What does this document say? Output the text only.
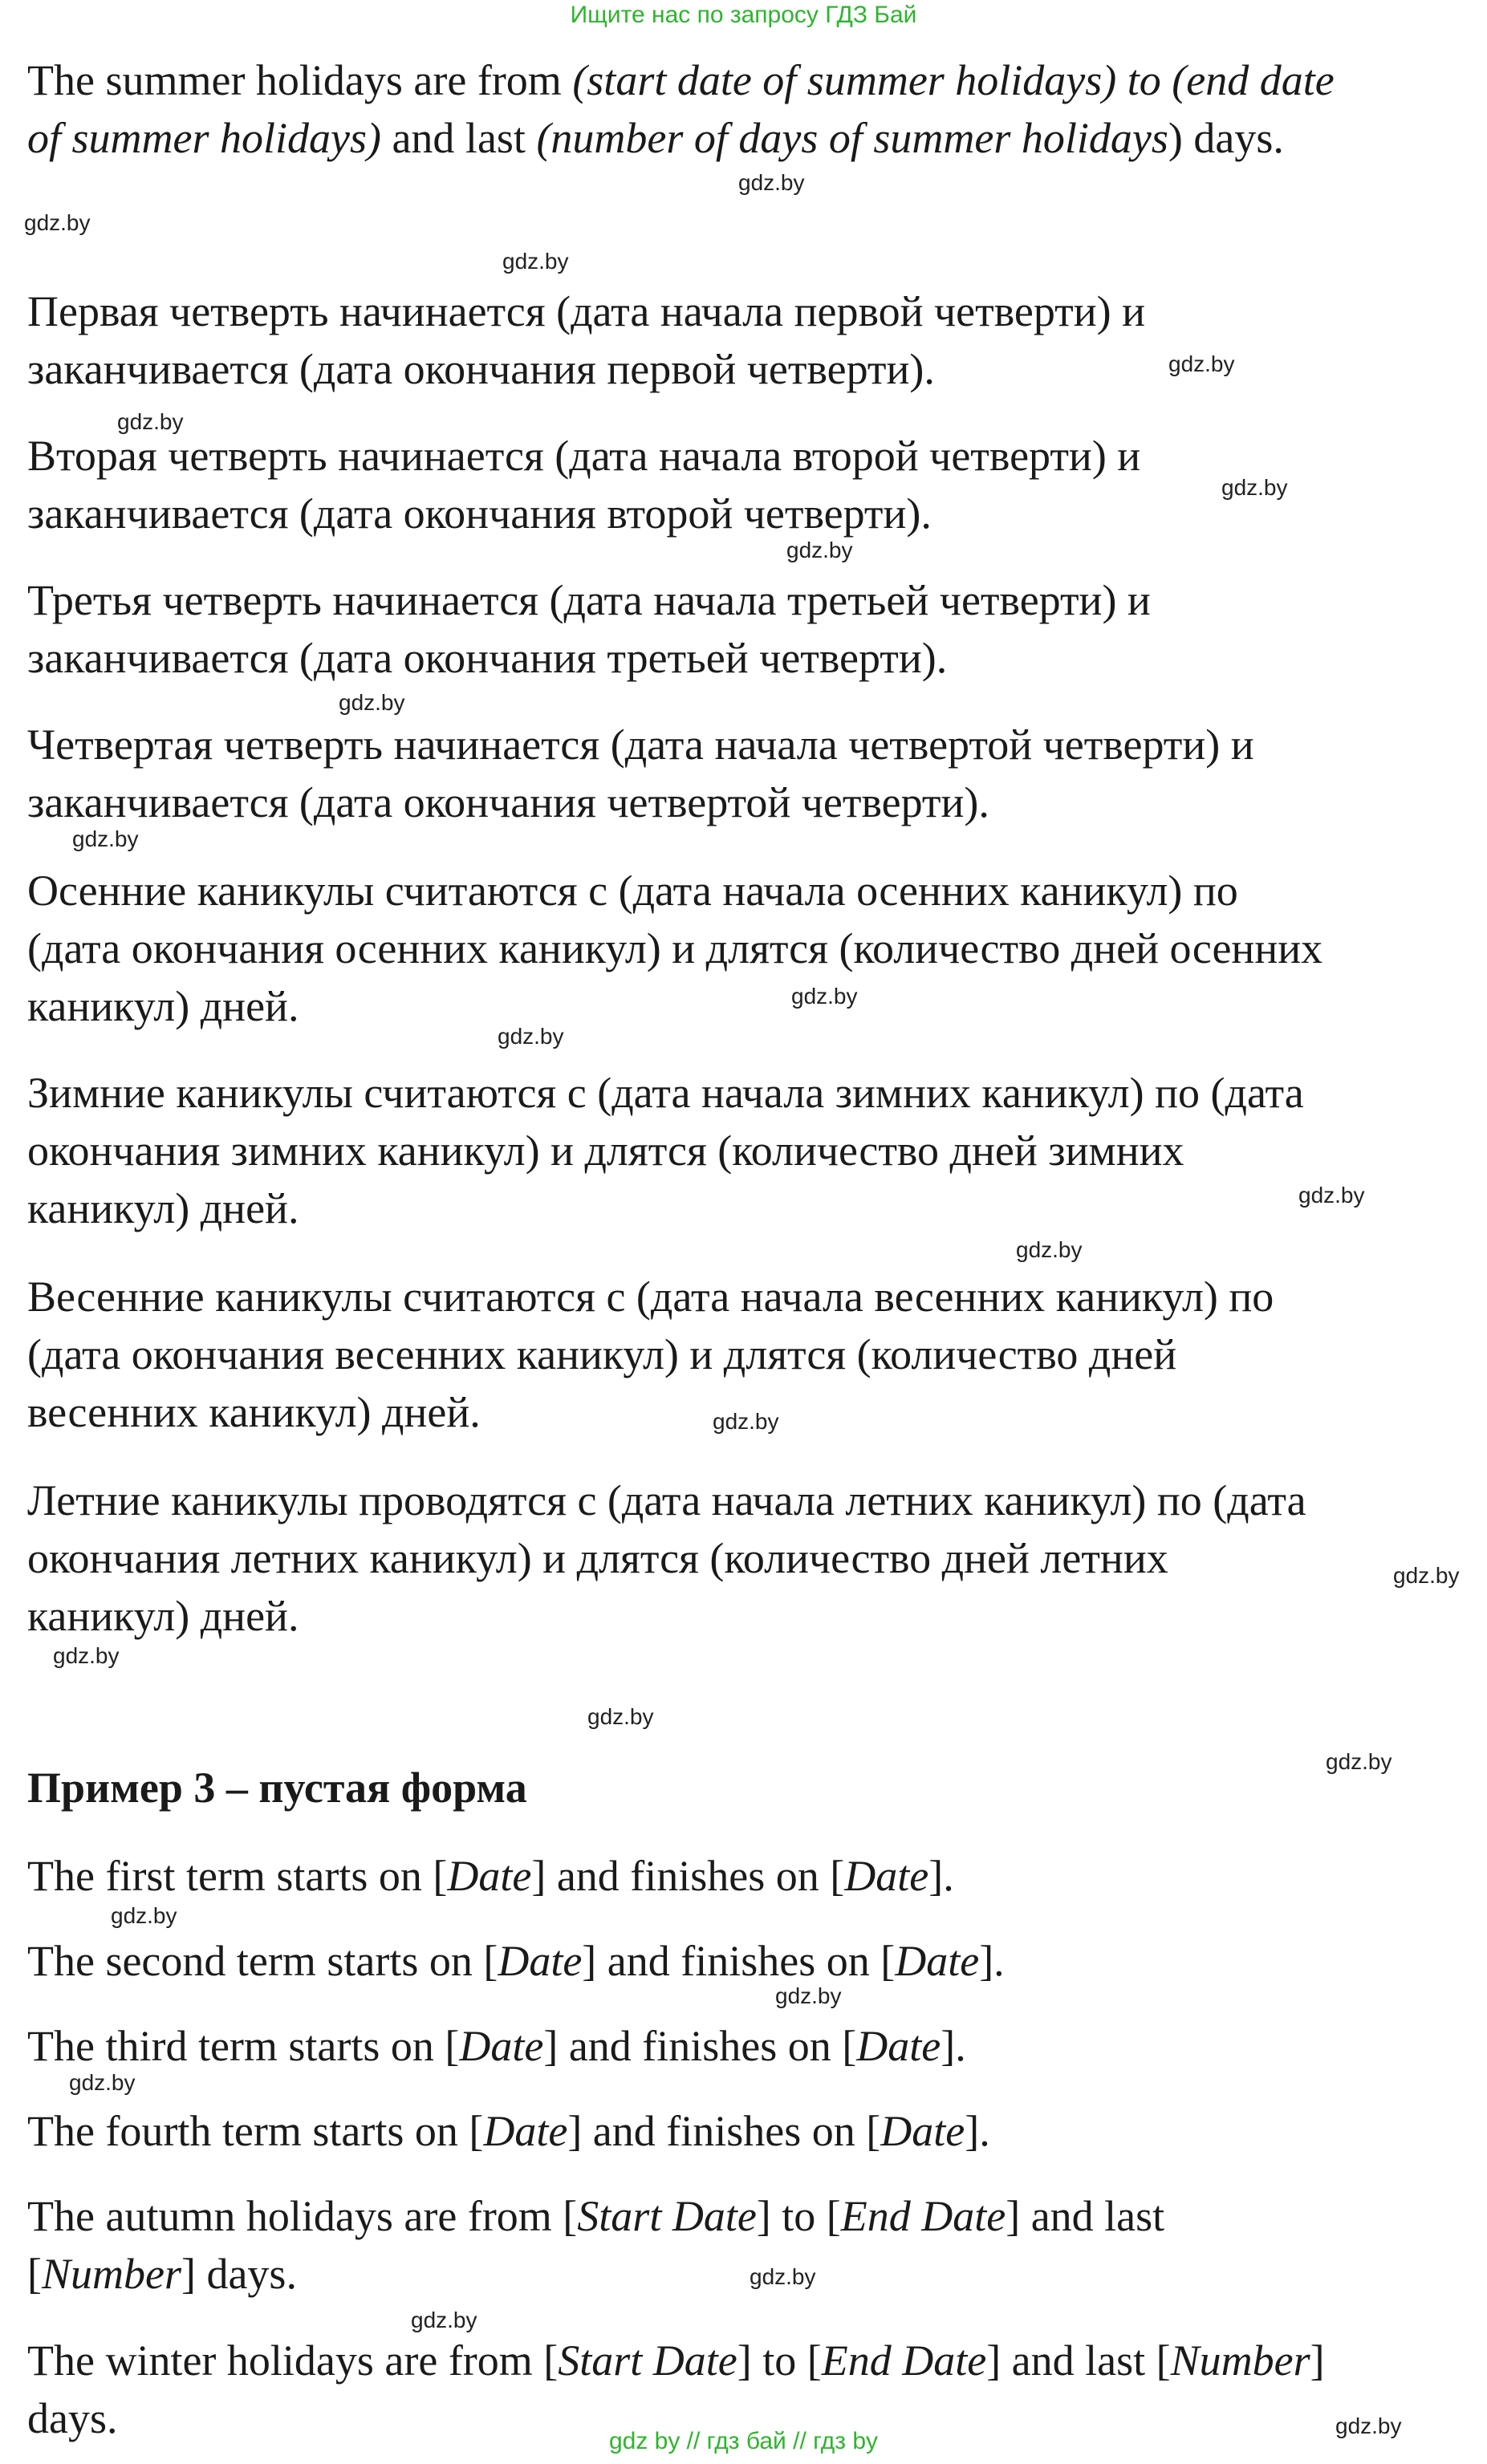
Ищите нас по запросу ГДЗ Бай
The summer holidays are from (start date of summer holidays) to (end date
of summer holidays) and last (number of days of summer holidays) days.
Первая четверть начинается (дата начала первой четверти) и
заканчивается (дата окончания первой четверти).
Вторая четверть начинается (дата начала второй четверти) и
заканчивается (дата окончания второй четверти).
Третья четверть начинается (дата начала третьей четверти) и
заканчивается (дата окончания третьей четверти).
Четвертая четверть начинается (дата начала четвертой четверти) и
заканчивается (дата окончания четвертой четверти).
Осенние каникулы считаются с (дата начала осенних каникул) по
(дата окончания осенних каникул) и длятся (количество дней осенних
каникул) дней.
Зимние каникулы считаются с (дата начала зимних каникул) по (дата
окончания зимних каникул) и длятся (количество дней зимних
каникул) дней.
Весенние каникулы считаются с (дата начала весенних каникул) по
(дата окончания весенних каникул) и длятся (количество дней
весенних каникул) дней.
Летние каникулы проводятся с (дата начала летних каникул) по (дата
окончания летних каникул) и длятся (количество дней летних
каникул) дней.
Пример 3 – пустая форма
The first term starts on [Date] and finishes on [Date].
The second term starts on [Date] and finishes on [Date].
The third term starts on [Date] and finishes on [Date].
The fourth term starts on [Date] and finishes on [Date].
The autumn holidays are from [Start Date] to [End Date] and last
[Number] days.
The winter holidays are from [Start Date] to [End Date] and last [Number]
days.
gdz.by
gdz.by
gdz.by
gdz.by
gdz.by
gdz.by
gdz.by
gdz.by
gdz.by
gdz.by
gdz.by
gdz.by
gdz.by
gdz.by
gdz.by
gdz.by
gdz.by
gdz.by
gdz.by
gdz.by
gdz.by
gdz.by
gdz.by
gdz.by
gdz by // гдз бай // гдз by
